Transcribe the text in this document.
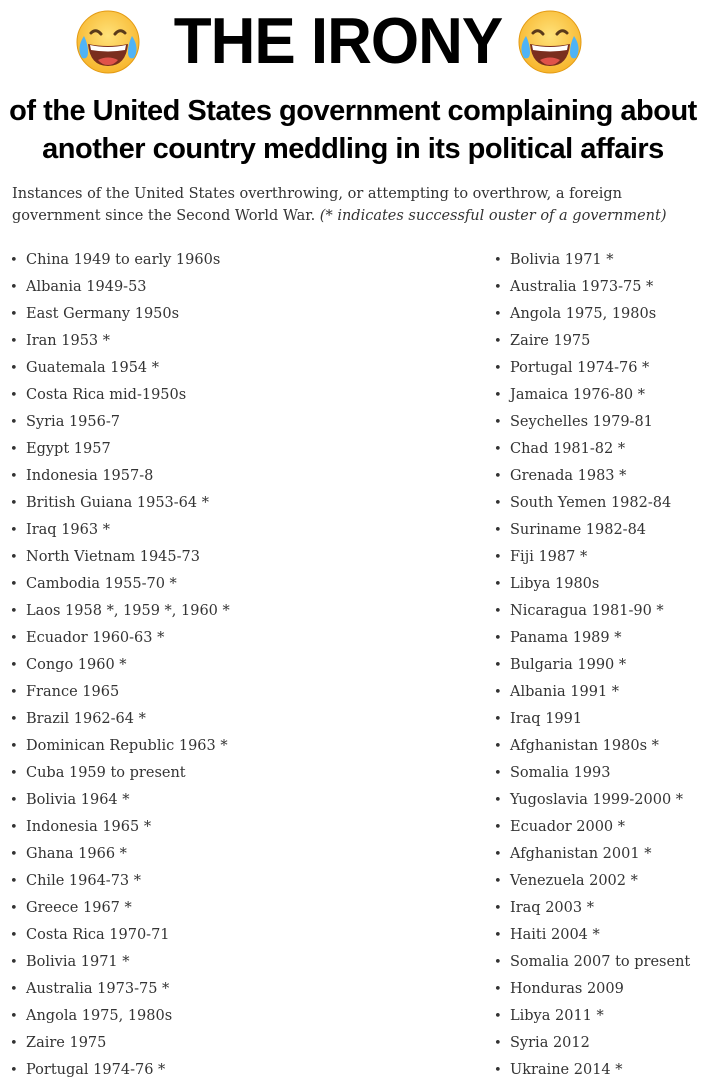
THE IRONY
of the United States government complaining about
another country meddling in its political affairs
Instances of the United States overthrowing, or attempting to overthrow, a foreign government since the Second World War. (* indicates successful ouster of a government)
• China 1949 to early 1960s
• Albania 1949-53
• East Germany 1950s
• Iran 1953 *
• Guatemala 1954 *
• Costa Rica mid-1950s
• Syria 1956-7
• Egypt 1957
• Indonesia 1957-8
• British Guiana 1953-64 *
• Iraq 1963 *
• North Vietnam 1945-73
• Cambodia 1955-70 *
• Laos 1958 *, 1959 *, 1960 *
• Ecuador 1960-63 *
• Congo 1960 *
• France 1965
• Brazil 1962-64 *
• Dominican Republic 1963 *
• Cuba 1959 to present
• Bolivia 1964 *
• Indonesia 1965 *
• Ghana 1966 *
• Chile 1964-73 *
• Greece 1967 *
• Costa Rica 1970-71
• Bolivia 1971 *
• Australia 1973-75 *
• Angola 1975, 1980s
• Zaire 1975
• Portugal 1974-76 *
• Bolivia 1971 *
• Australia 1973-75 *
• Angola 1975, 1980s
• Zaire 1975
• Portugal 1974-76 *
• Jamaica 1976-80 *
• Seychelles 1979-81
• Chad 1981-82 *
• Grenada 1983 *
• South Yemen 1982-84
• Suriname 1982-84
• Fiji 1987 *
• Libya 1980s
• Nicaragua 1981-90 *
• Panama 1989 *
• Bulgaria 1990 *
• Albania 1991 *
• Iraq 1991
• Afghanistan 1980s *
• Somalia 1993
• Yugoslavia 1999-2000 *
• Ecuador 2000 *
• Afghanistan 2001 *
• Venezuela 2002 *
• Iraq 2003 *
• Haiti 2004 *
• Somalia 2007 to present
• Honduras 2009
• Libya 2011 *
• Syria 2012
• Ukraine 2014 *
